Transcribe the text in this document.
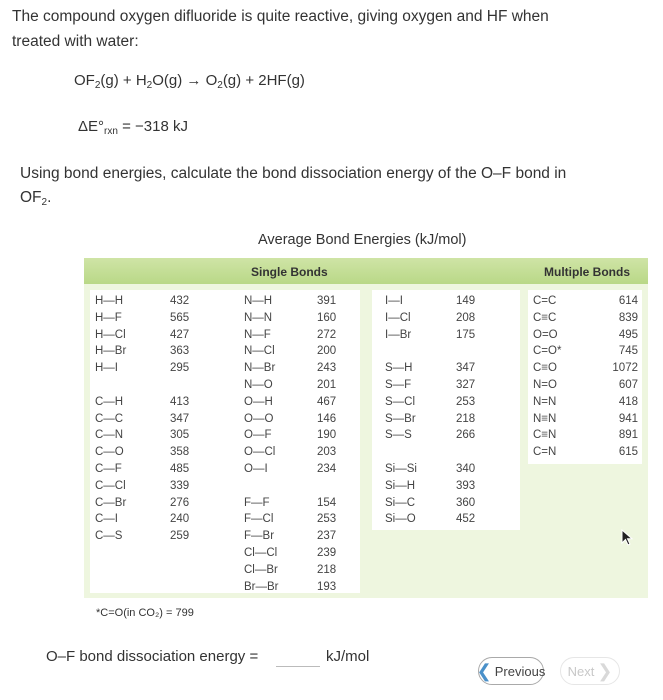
The compound oxygen difluoride is quite reactive, giving oxygen and HF when
treated with water:
$OF_2(g) + H_2O(g) \to O_2(g) + 2HF(g)$
$\Delta E^\circ_{rxn} = -318$ kJ
Using bond energies, calculate the bond dissociation energy of the O–F bond in
$OF_2$.
Average Bond Energies (kJ/mol)
Single Bonds	Multiple Bonds
H—H
H—F
H—Cl
H—Br
H—I
C—H
C—C
C—N
C—O
C—F
C—Cl
C—Br
C—I
C—S
432
565
427
363
295
413
347
305
358
485
339
276
240
259
N—H
N—N
N—F
N—Cl
N—Br
N—O
O—H
O—O
O—F
O—Cl
O—I
F—F
F—Cl
F—Br
Cl—Cl
Cl—Br
Br—Br
391
160
272
200
243
201
467
146
190
203
234
154
253
237
239
218
193
I—I
I—Cl
I—Br
S—H
S—F
S—Cl
S—Br
S—S
Si—Si
Si—H
Si—C
Si—O
149
208
175
347
327
253
218
266
340
393
360
452
C=C
C≡C
O=O
C=O*
C≡O
N=O
N=N
N≡N
C≡N
C=N
614
839
495
745
1072
607
418
941
891
615
*C=O(in CO₂) = 799
O–F bond dissociation energy =	kJ/mol
❮ Previous Next ❯
